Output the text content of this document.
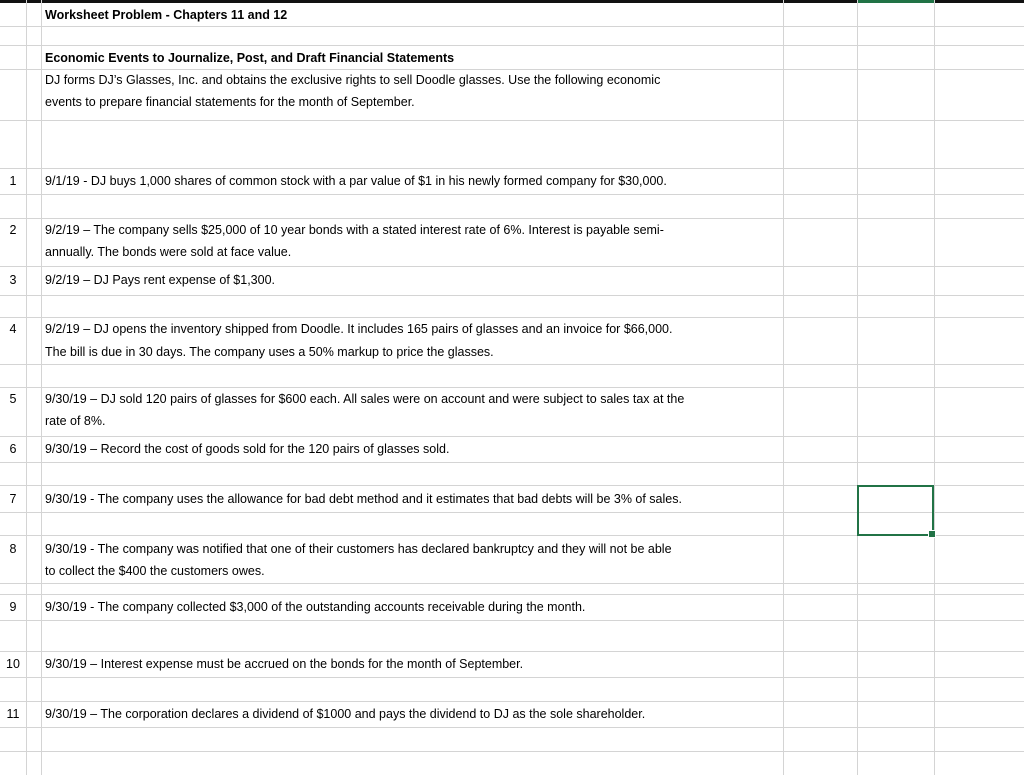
Worksheet Problem - Chapters 11 and 12
Economic Events to Journalize, Post, and Draft Financial Statements
DJ forms DJ’s Glasses, Inc. and obtains the exclusive rights to sell Doodle glasses. Use the following economic
events to prepare financial statements for the month of September.
1	9/1/19 - DJ buys 1,000 shares of common stock with a par value of $1 in his newly formed company for $30,000.
2	9/2/19 – The company sells $25,000 of 10 year bonds with a stated interest rate of 6%. Interest is payable semi-
annually. The bonds were sold at face value.
3	9/2/19 – DJ Pays rent expense of $1,300.
4	9/2/19 – DJ opens the inventory shipped from Doodle. It includes 165 pairs of glasses and an invoice for $66,000.
The bill is due in 30 days. The company uses a 50% markup to price the glasses.
5	9/30/19 – DJ sold 120 pairs of glasses for $600 each. All sales were on account and were subject to sales tax at the
rate of 8%.
6	9/30/19 – Record the cost of goods sold for the 120 pairs of glasses sold.
7	9/30/19 - The company uses the allowance for bad debt method and it estimates that bad debts will be 3% of sales.
8	9/30/19 - The company was notified that one of their customers has declared bankruptcy and they will not be able
to collect the $400 the customers owes.
9	9/30/19 - The company collected $3,000 of the outstanding accounts receivable during the month.
10	9/30/19 – Interest expense must be accrued on the bonds for the month of September.
11	9/30/19 – The corporation declares a dividend of $1000 and pays the dividend to DJ as the sole shareholder.
